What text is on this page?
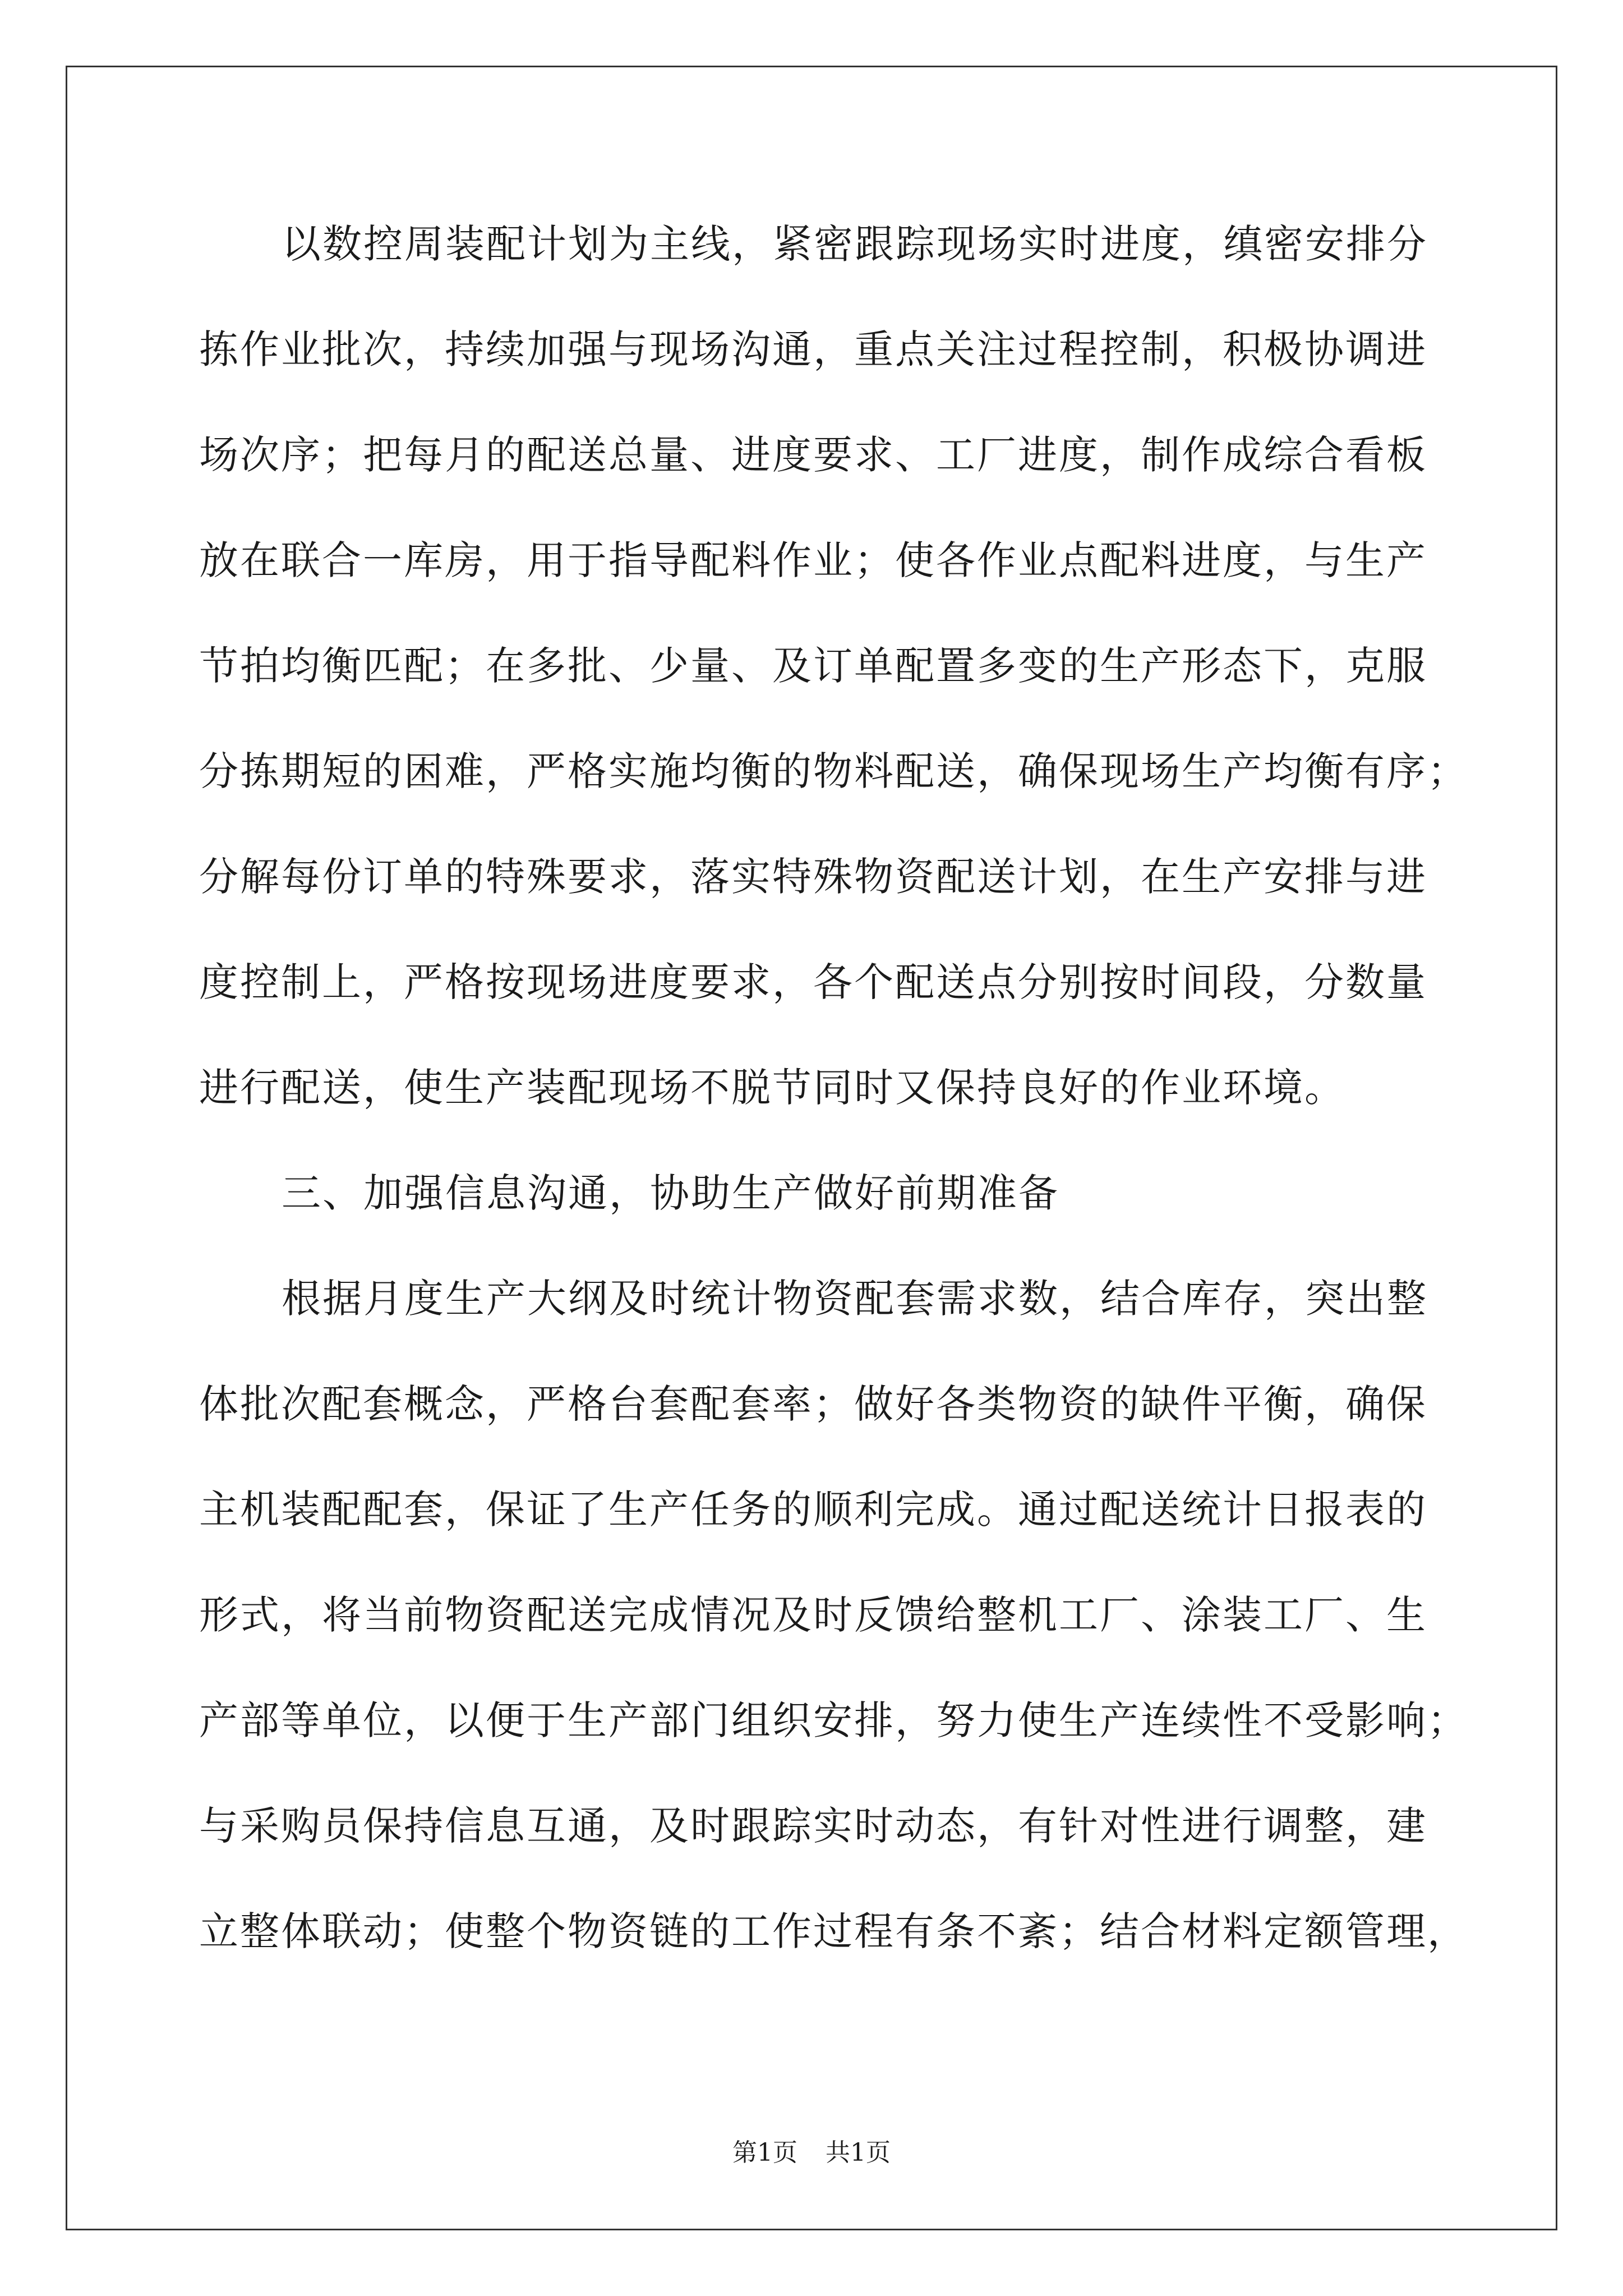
以数控周装配计划为主线，紧密跟踪现场实时进度，缜密安排分
拣作业批次，持续加强与现场沟通，重点关注过程控制，积极协调进
场次序；把每月的配送总量、进度要求、工厂进度，制作成综合看板
放在联合一库房，用于指导配料作业；使各作业点配料进度，与生产
节拍均衡匹配；在多批、少量、及订单配置多变的生产形态下，克服
分拣期短的困难，严格实施均衡的物料配送，确保现场生产均衡有序；
分解每份订单的特殊要求，落实特殊物资配送计划，在生产安排与进
度控制上，严格按现场进度要求，各个配送点分别按时间段，分数量
进行配送，使生产装配现场不脱节同时又保持良好的作业环境。
三、加强信息沟通，协助生产做好前期准备
根据月度生产大纲及时统计物资配套需求数，结合库存，突出整
体批次配套概念，严格台套配套率；做好各类物资的缺件平衡，确保
主机装配配套，保证了生产任务的顺利完成。通过配送统计日报表的
形式，将当前物资配送完成情况及时反馈给整机工厂、涂装工厂、生
产部等单位，以便于生产部门组织安排，努力使生产连续性不受影响；
与采购员保持信息互通，及时跟踪实时动态，有针对性进行调整，建
立整体联动；使整个物资链的工作过程有条不紊；结合材料定额管理，
第1页 共1页
